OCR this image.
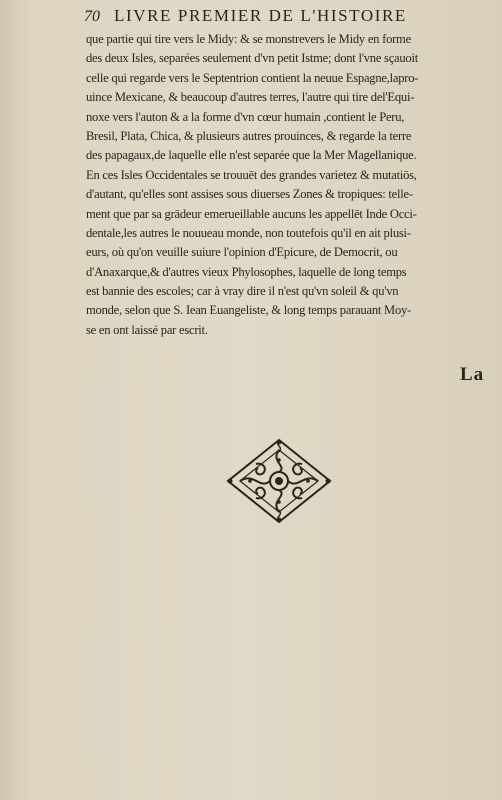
70 LIVRE PREMIER DE L'HISTOIRE
que partie qui tire vers le Midy: & se monstrevers le Midy en forme
des deux Isles, separées seulement d'vn petit Istme; dont l'vne sçauoit
celle qui regarde vers le Septentrion contient la neuue Espagne,lapro-
uince Mexicane, & beaucoup d'autres terres, l'autre qui tire del'Equi-
noxe vers l'auton & a la forme d'vn cœur humain ,contient le Peru,
Bresil, Plata, Chica, & plusieurs autres prouinces, & regarde la terre
des papagaux,de laquelle elle n'est separée que la Mer Magellanique.
En ces Isles Occidentales se trouuēt des grandes varietez & mutatiōs,
d'autant, qu'elles sont assises sous diuerses Zones & tropiques: telle-
ment que par sa grādeur emerueillable aucuns les appellēt Inde Occi-
dentale,les autres le nouueau monde, non toutefois qu'il en ait plusi-
eurs, où qu'on veuille suiure l'opinion d'Epicure, de Democrit, ou
d'Anaxarque,& d'autres vieux Phylosophes, laquelle de long temps
est bannie des escoles; car à vray dire il n'est qu'vn soleil & qu'vn
monde, selon que S. Iean Euangeliste, & long temps parauant Moy-
se en ont laissé par escrit.
La
